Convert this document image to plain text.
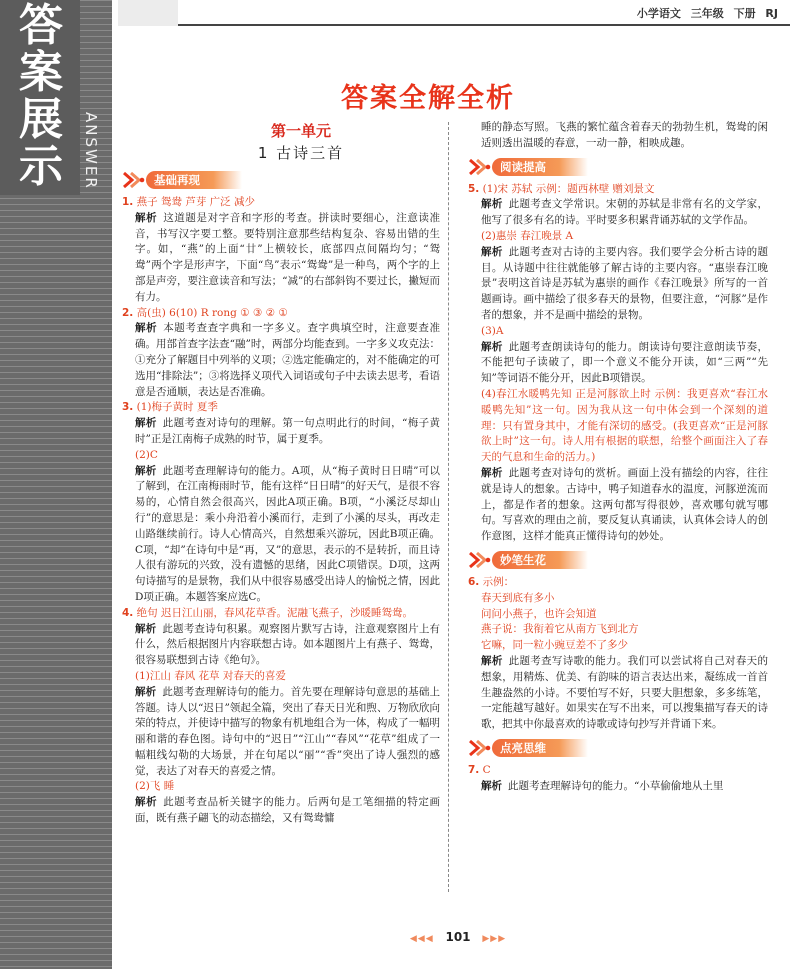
答
案
展
示	ANSWER
小学语文 三年级 下册 RJ
答案全解全析
第一单元
1 古诗三首
基础再现

1. 燕子 鸳鸯 芦芽 广泛 减少

解析 这道题是对字音和字形的考查。拼读时要细心，注意读准音，书写汉字要工整。要特别注意那些结构复杂、容易出错的生字。如，“燕”的上面“廿”上横较长，底部四点间隔均匀；“鸳鸯”两个字是形声字，下面“鸟”表示“鸳鸯”是一种鸟，两个字的上部是声旁，要注意读音和写法；“减”的右部斜钩不要过长，撇短而有力。

2. 高(虫) 6(10) R rong ① ③ ② ①

解析 本题考查查字典和一字多义。查字典填空时，注意要查准确。用部首查字法查“融”时，两部分均能查到。一字多义攻克法：①充分了解题目中列举的义项；②选定能确定的，对不能确定的可选用“排除法”；③将选择义项代入词语或句子中去读去思考，看语意是否通顺，表达是否准确。

3. (1)梅子黄时 夏季

解析 此题考查对诗句的理解。第一句点明此行的时间，“梅子黄时”正是江南梅子成熟的时节，属于夏季。

(2)C

解析 此题考查理解诗句的能力。A项，从“梅子黄时日日晴”可以了解到，在江南梅雨时节，能有这样“日日晴”的好天气，是很不容易的，心情自然会很高兴，因此A项正确。B项，“小溪泛尽却山行”的意思是：乘小舟沿着小溪而行，走到了小溪的尽头，再改走山路继续前行。诗人心情高兴，自然想乘兴游玩，因此B项正确。C项，“却”在诗句中是“再，又”的意思，表示的不是转折，而且诗人很有游玩的兴致，没有遗憾的思绪，因此C项错误。D项，这两句诗描写的是景物，我们从中很容易感受出诗人的愉悦之情，因此D项正确。本题答案应选C。

4. 绝句 迟日江山丽，春风花草香。泥融飞燕子，沙暖睡鸳鸯。

解析 此题考查诗句积累。观察图片默写古诗，注意观察图片上有什么，然后根据图片内容联想古诗。如本题图片上有燕子、鸳鸯，很容易联想到古诗《绝句》。

(1)江山 春风 花草 对春天的喜爱

解析 此题考查理解诗句的能力。首先要在理解诗句意思的基础上答题。诗人以“迟日”领起全篇，突出了春天日光和煦、万物欣欣向荣的特点，并使诗中描写的物象有机地组合为一体，构成了一幅明丽和谐的春色图。诗句中的“迟日”“江山”“春风”“花草”组成了一幅粗线勾勒的大场景，并在句尾以“丽”“香”突出了诗人强烈的感觉，表达了对春天的喜爱之情。

(2)飞 睡

解析 此题考查品析关键字的能力。后两句是工笔细描的特定画面，既有燕子翩飞的动态描绘，又有鸳鸯慵

睡的静态写照。飞燕的繁忙蕴含着春天的勃勃生机，鸳鸯的闲适则透出温暖的春意，一动一静，相映成趣。

阅读提高

5. (1)宋 苏轼 示例：题西林壁 赠刘景文

解析 此题考查文学常识。宋朝的苏轼是非常有名的文学家，他写了很多有名的诗。平时要多积累背诵苏轼的文学作品。

(2)惠崇 春江晚景 A

解析 此题考查对古诗的主要内容。我们要学会分析古诗的题目。从诗题中往往就能够了解古诗的主要内容。“惠崇春江晚景”表明这首诗是苏轼为惠崇的画作《春江晚景》所写的一首题画诗。画中描绘了很多春天的景物，但要注意，“河豚”是作者的想象，并不是画中描绘的景物。

(3)A

解析 此题考查朗读诗句的能力。朗读诗句要注意朗读节奏，不能把句子读破了，即一个意义不能分开读，如“三两”“先知”等词语不能分开，因此B项错误。

(4)春江水暖鸭先知 正是河豚欲上时 示例：我更喜欢“春江水暖鸭先知”这一句。因为我从这一句中体会到一个深刻的道理：只有置身其中，才能有深切的感受。(我更喜欢“正是河豚欲上时”这一句。诗人用有根据的联想，给整个画面注入了春天的气息和生命的活力。)

解析 此题考查对诗句的赏析。画面上没有描绘的内容，往往就是诗人的想象。古诗中，鸭子知道春水的温度，河豚逆流而上，都是作者的想象。这两句都写得很妙，喜欢哪句就写哪句。写喜欢的理由之前，要反复认真诵读，认真体会诗人的创作意图，这样才能真正懂得诗句的妙处。

妙笔生花

6. 示例：

春天到底有多小

问问小燕子，也许会知道

燕子说：我衔着它从南方飞到北方

它嘛，同一粒小豌豆差不了多少

解析 此题考查写诗歌的能力。我们可以尝试将自己对春天的想象，用精炼、优美、有韵味的语言表达出来，凝练成一首首生趣盎然的小诗。不要怕写不好，只要大胆想象，多多练笔，一定能越写越好。如果实在写不出来，可以搜集描写春天的诗歌，把其中你最喜欢的诗歌或诗句抄写并背诵下来。

点亮思维

7. C

解析 此题考查理解诗句的能力。“小草偷偷地从土里

◀◀◀ 101 ▶▶▶
